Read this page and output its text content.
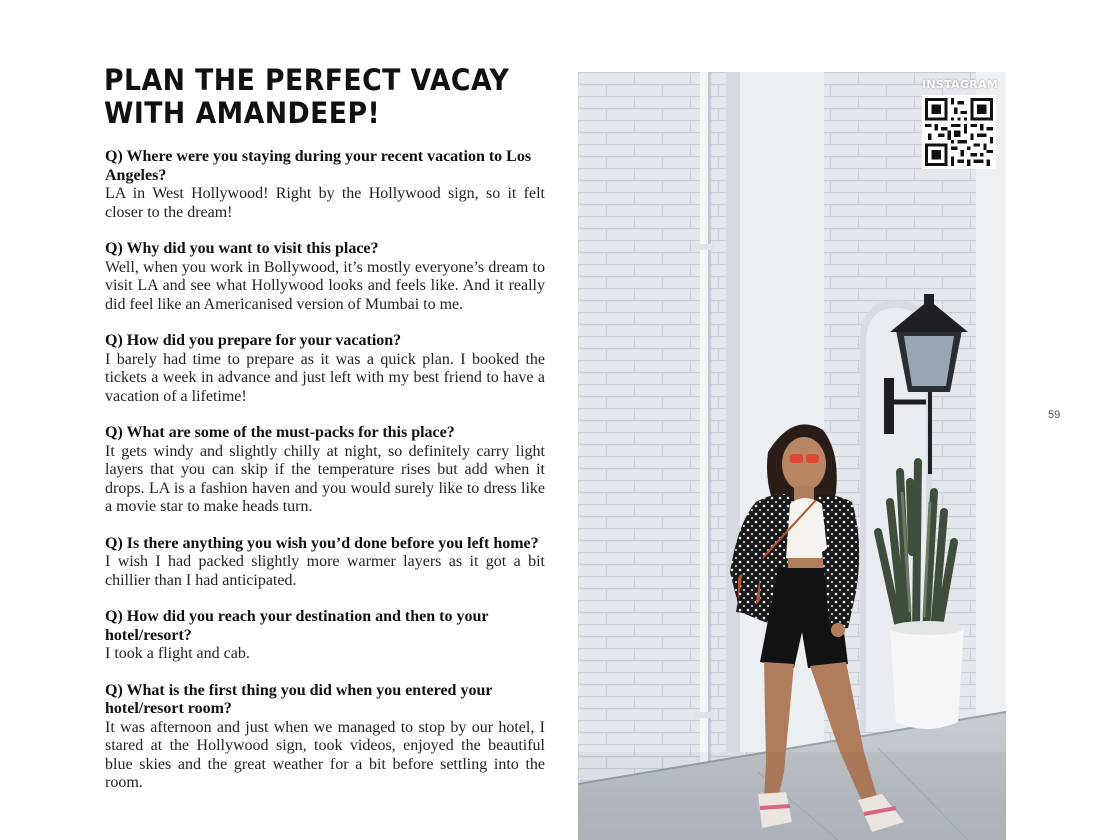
PLAN THE PERFECT VACAY
WITH AMANDEEP!
Q) Where were you staying during your recent vacation to Los Angeles?
LA in West Hollywood! Right by the Hollywood sign, so it felt closer to the dream!
Q) Why did you want to visit this place?
Well, when you work in Bollywood, it’s mostly everyone’s dream to visit LA and see what Hollywood looks and feels like. And it really did feel like an Americanised version of Mumbai to me.
Q) How did you prepare for your vacation?
I barely had time to prepare as it was a quick plan. I booked the tickets a week in advance and just left with my best friend to have a vacation of a lifetime!
Q) What are some of the must-packs for this place?
It gets windy and slightly chilly at night, so definitely carry light layers that you can skip if the temperature rises but add when it drops. LA is a fashion haven and you would surely like to dress like a movie star to make heads turn.
Q) Is there anything you wish you’d done before you left home?
I wish I had packed slightly more warmer layers as it got a bit chillier than I had anticipated.
Q) How did you reach your destination and then to your hotel/resort?
I took a flight and cab.
Q) What is the first thing you did when you entered your hotel/resort room?
It was afternoon and just when we managed to stop by our hotel, I stared at the Hollywood sign, took videos, enjoyed the beautiful blue skies and the great weather for a bit before settling into the room.
59
INSTAGRAM
